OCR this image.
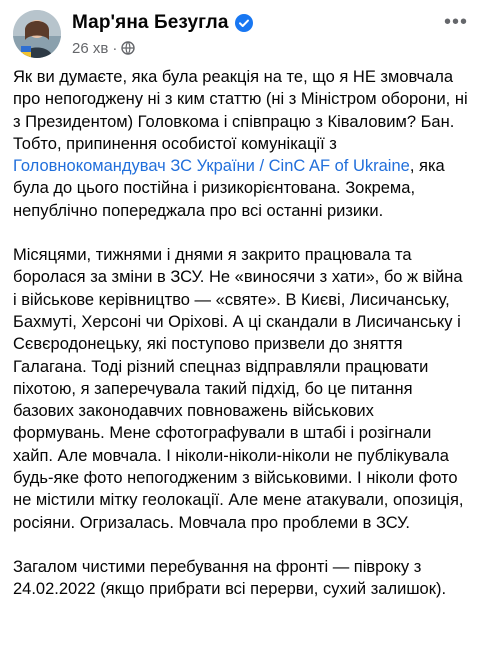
Мар'яна Безугла
26 хв ·
•••

Як ви думаєте, яка була реакція на те, що я НЕ змовчала про непогоджену ні з ким статтю (ні з Міністром оборони, ні з Президентом) Головкома і співпрацю з Ківаловим? Бан. Тобто, припинення особистої комунікації з Головнокомандувач ЗС України / CinC AF of Ukraine, яка була до цього постійна і ризикорієнтована. Зокрема, непублічно попереджала про всі останні ризики.

Місяцями, тижнями і днями я закрито працювала та боролася за зміни в ЗСУ. Не «виносячи з хати», бо ж війна і військове керівництво — «святе». В Києві, Лисичанську, Бахмуті, Херсоні чи Оріхові. А ці скандали в Лисичанську і Сєвєродонецьку, які поступово призвели до зняття Галагана. Тоді різний спецназ відправляли працювати піхотою, я заперечувала такий підхід, бо це питання базових законодавчих повноважень військових формувань. Мене сфотографували в штабі і розігнали хайп. Але мовчала. І ніколи-ніколи-ніколи не публікувала будь-яке фото непогодженим з військовими. І ніколи фото не містили мітку геолокації. Але мене атакували, опозиція, росіяни. Огризалась. Мовчала про проблеми в ЗСУ.

Загалом чистими перебування на фронті — півроку з 24.02.2022 (якщо прибрати всі перерви, сухий залишок).
